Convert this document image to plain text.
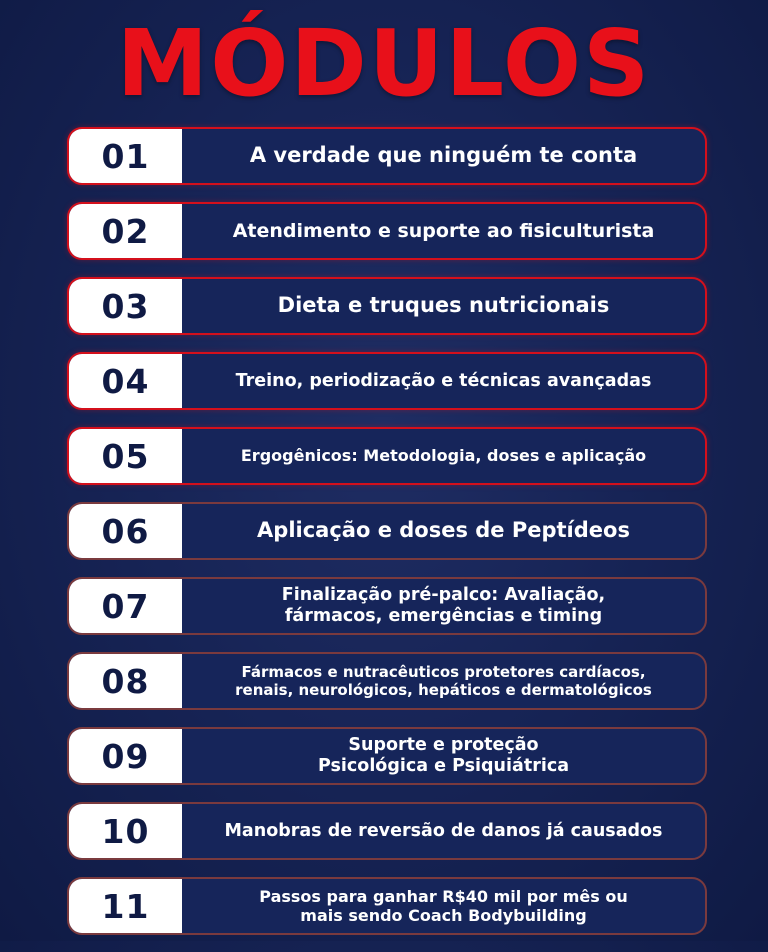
MÓDULOS
01	A verdade que ninguém te conta
02	Atendimento e suporte ao fisiculturista
03	Dieta e truques nutricionais
04	Treino, periodização e técnicas avançadas
05	Ergogênicos: Metodologia, doses e aplicação
06	Aplicação e doses de Peptídeos
07	Finalização pré-palco: Avaliação,
fármacos, emergências e timing
08	Fármacos e nutracêuticos protetores cardíacos,
renais, neurológicos, hepáticos e dermatológicos
09	Suporte e proteção
Psicológica e Psiquiátrica
10	Manobras de reversão de danos já causados
11	Passos para ganhar R$40 mil por mês ou
mais sendo Coach Bodybuilding
